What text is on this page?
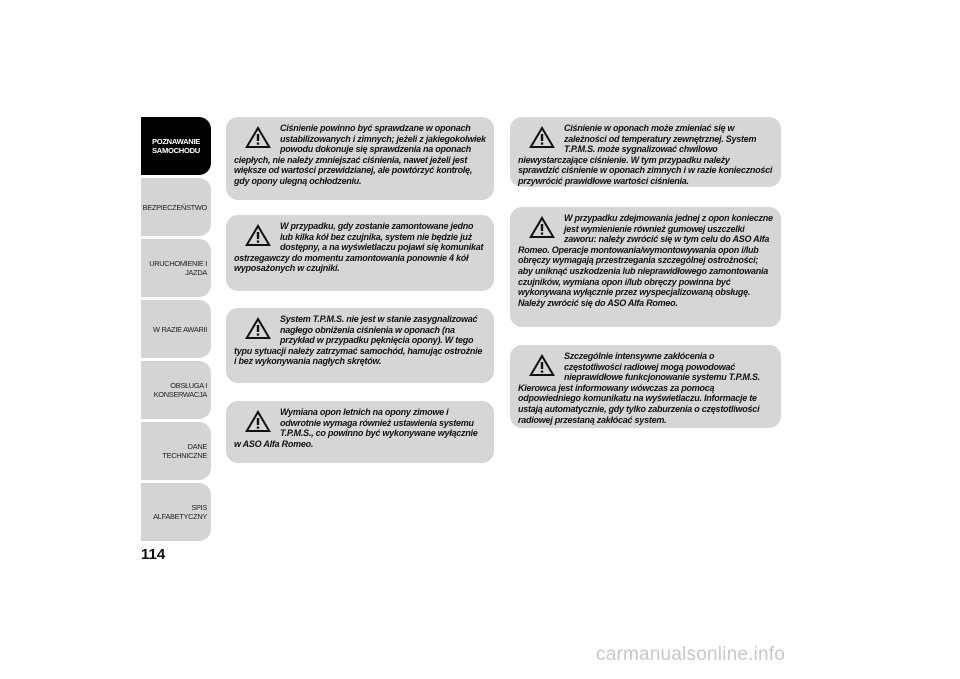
POZNAWANIE
SAMOCHODU
BEZPIECZEŃSTWO
URUCHOMIENIE I
JAZDA
W RAZIE AWARII
OBSŁUGA I
KONSERWACJA
DANE TECHNICZNE
SPIS ALFABETYCZNY
114

Ciśnienie powinno być sprawdzane w oponach ustabilizowanych i zimnych; jeżeli z jakiegokolwiek powodu dokonuje się sprawdzenia na oponach ciepłych, nie należy zmniejszać ciśnienia, nawet jeżeli jest większe od wartości przewidzianej, ale powtórzyć kontrolę, gdy opony ulegną ochłodzeniu.

W przypadku, gdy zostanie zamontowane jedno lub kilka kół bez czujnika, system nie będzie już dostępny, a na wyświetlaczu pojawi się komunikat ostrzegawczy do momentu zamontowania ponownie 4 kół wyposażonych w czujniki.

System T.P.M.S. nie jest w stanie zasygnalizować nagłego obniżenia ciśnienia w oponach (na przykład w przypadku pęknięcia opony). W tego typu sytuacji należy zatrzymać samochód, hamując ostrożnie i bez wykonywania nagłych skrętów.

Wymiana opon letnich na opony zimowe i odwrotnie wymaga również ustawienia systemu T.P.M.S., co powinno być wykonywane wyłącznie w ASO Alfa Romeo.

Ciśnienie w oponach może zmieniać się w zależności od temperatury zewnętrznej. System T.P.M.S. może sygnalizować chwilowo niewystarczające ciśnienie. W tym przypadku należy sprawdzić ciśnienie w oponach zimnych i w razie konieczności przywrócić prawidłowe wartości ciśnienia.

W przypadku zdejmowania jednej z opon konieczne jest wymienienie również gumowej uszczelki zaworu: należy zwrócić się w tym celu do ASO Alfa Romeo. Operacje montowania/wymontowywania opon i/lub obręczy wymagają przestrzegania szczególnej ostrożności; aby uniknąć uszkodzenia lub nieprawidłowego zamontowania czujników, wymiana opon i/lub obręczy powinna być wykonywana wyłącznie przez wyspecjalizowaną obsługę. Należy zwrócić się do ASO Alfa Romeo.

Szczególnie intensywne zakłócenia o częstotliwości radiowej mogą powodować nieprawidłowe funkcjonowanie systemu T.P.M.S. Kierowca jest informowany wówczas za pomocą odpowiedniego komunikatu na wyświetlaczu. Informacje te ustają automatycznie, gdy tylko zaburzenia o częstotliwości radiowej przestaną zakłócać system.

carmanualsonline.info
